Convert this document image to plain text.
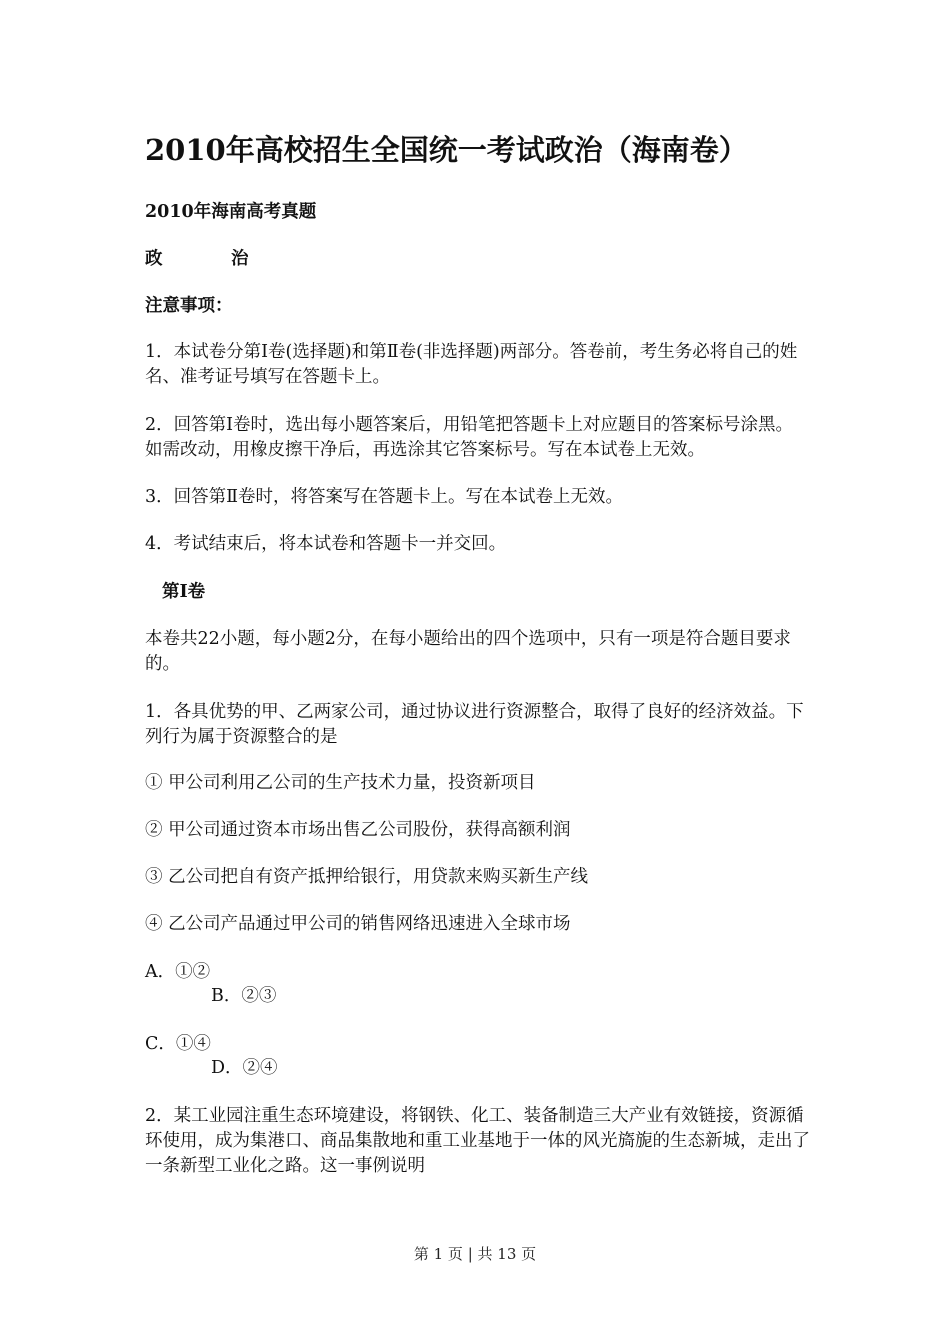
2010年高校招生全国统一考试政治（海南卷）
2010年海南高考真题
政	治
注意事项：
1．本试卷分第Ⅰ卷(选择题)和第Ⅱ卷(非选择题)两部分。答卷前，考生务必将自己的姓名、准考证号填写在答题卡上。
2．回答第Ⅰ卷时，选出每小题答案后，用铅笔把答题卡上对应题目的答案标号涂黑。如需改动，用橡皮擦干净后，再选涂其它答案标号。写在本试卷上无效。
3．回答第Ⅱ卷时，将答案写在答题卡上。写在本试卷上无效。
4．考试结束后，将本试卷和答题卡一并交回。
第Ⅰ卷
本卷共22小题，每小题2分，在每小题给出的四个选项中，只有一项是符合题目要求的。
1．各具优势的甲、乙两家公司，通过协议进行资源整合，取得了良好的经济效益。下列行为属于资源整合的是
① 甲公司利用乙公司的生产技术力量，投资新项目
② 甲公司通过资本市场出售乙公司股份，获得高额利润
③ 乙公司把自有资产抵押给银行，用贷款来购买新生产线
④ 乙公司产品通过甲公司的销售网络迅速进入全球市场
A．①②
B．②③
C．①④
D．②④
2．某工业园注重生态环境建设，将钢铁、化工、装备制造三大产业有效链接，资源循环使用，成为集港口、商品集散地和重工业基地于一体的风光旖旎的生态新城，走出了一条新型工业化之路。这一事例说明
第 1 页 | 共 13 页
